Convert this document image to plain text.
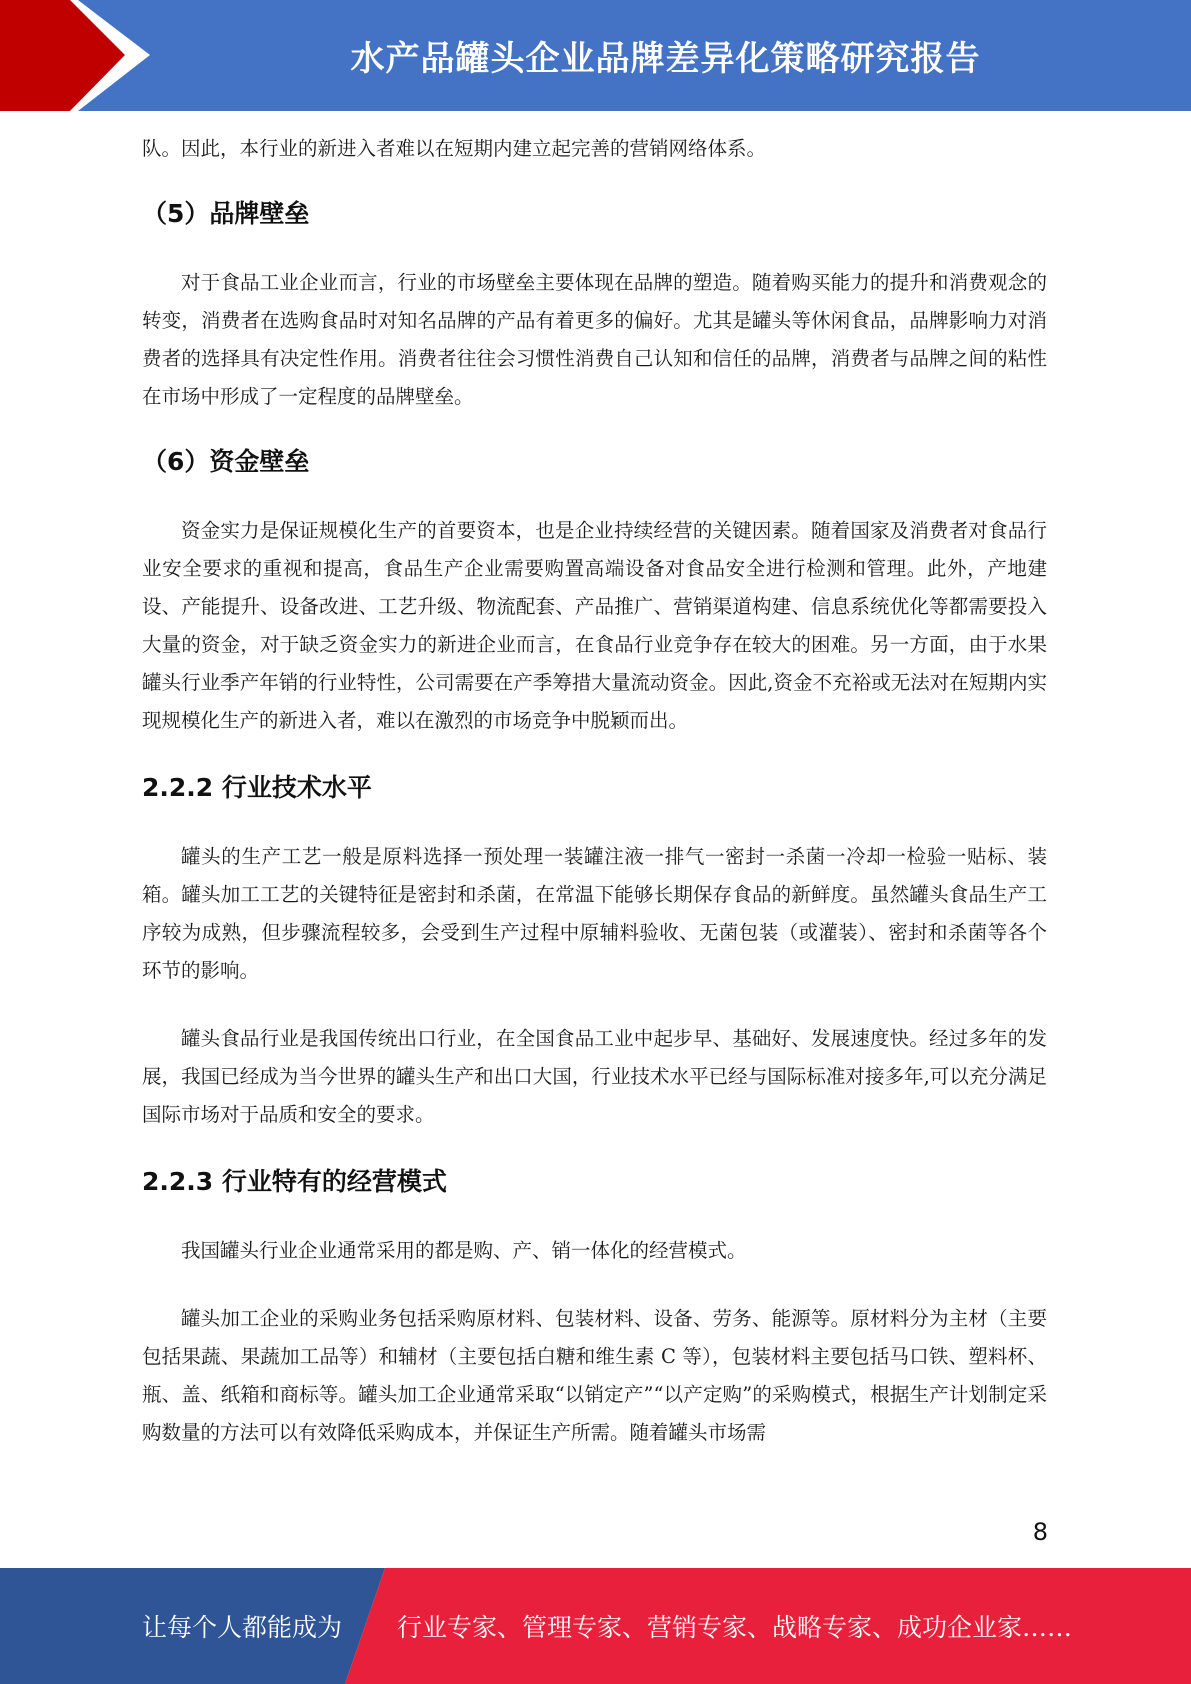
水产品罐头企业品牌差异化策略研究报告

队。因此，本行业的新进入者难以在短期内建立起完善的营销网络体系。

（5）品牌壁垒

对于食品工业企业而言，行业的市场壁垒主要体现在品牌的塑造。随着购买能力的提升和消费观念的转变，消费者在选购食品时对知名品牌的产品有着更多的偏好。尤其是罐头等休闲食品，品牌影响力对消费者的选择具有决定性作用。消费者往往会习惯性消费自己认知和信任的品牌，消费者与品牌之间的粘性在市场中形成了一定程度的品牌壁垒。

（6）资金壁垒

资金实力是保证规模化生产的首要资本，也是企业持续经营的关键因素。随着国家及消费者对食品行业安全要求的重视和提高，食品生产企业需要购置高端设备对食品安全进行检测和管理。此外，产地建设、产能提升、设备改进、工艺升级、物流配套、产品推广、营销渠道构建、信息系统优化等都需要投入大量的资金，对于缺乏资金实力的新进企业而言，在食品行业竞争存在较大的困难。另一方面，由于水果罐头行业季产年销的行业特性，公司需要在产季筹措大量流动资金。因此,资金不充裕或无法对在短期内实现规模化生产的新进入者，难以在激烈的市场竞争中脱颖而出。

2.2.2 行业技术水平

罐头的生产工艺一般是原料选择一预处理一装罐注液一排气一密封一杀菌一冷却一检验一贴标、装箱。罐头加工工艺的关键特征是密封和杀菌，在常温下能够长期保存食品的新鲜度。虽然罐头食品生产工序较为成熟，但步骤流程较多，会受到生产过程中原辅料验收、无菌包装（或灌装）、密封和杀菌等各个环节的影响。

罐头食品行业是我国传统出口行业，在全国食品工业中起步早、基础好、发展速度快。经过多年的发展，我国已经成为当今世界的罐头生产和出口大国，行业技术水平已经与国际标准对接多年,可以充分满足国际市场对于品质和安全的要求。

2.2.3 行业特有的经营模式

我国罐头行业企业通常采用的都是购、产、销一体化的经营模式。

罐头加工企业的采购业务包括采购原材料、包装材料、设备、劳务、能源等。原材料分为主材（主要包括果蔬、果蔬加工品等）和辅材（主要包括白糖和维生素 C 等），包装材料主要包括马口铁、塑料杯、瓶、盖、纸箱和商标等。罐头加工企业通常采取“以销定产”“以产定购”的采购模式，根据生产计划制定采购数量的方法可以有效降低采购成本，并保证生产所需。随着罐头市场需

8
让每个人都能成为 行业专家、管理专家、营销专家、战略专家、成功企业家……
